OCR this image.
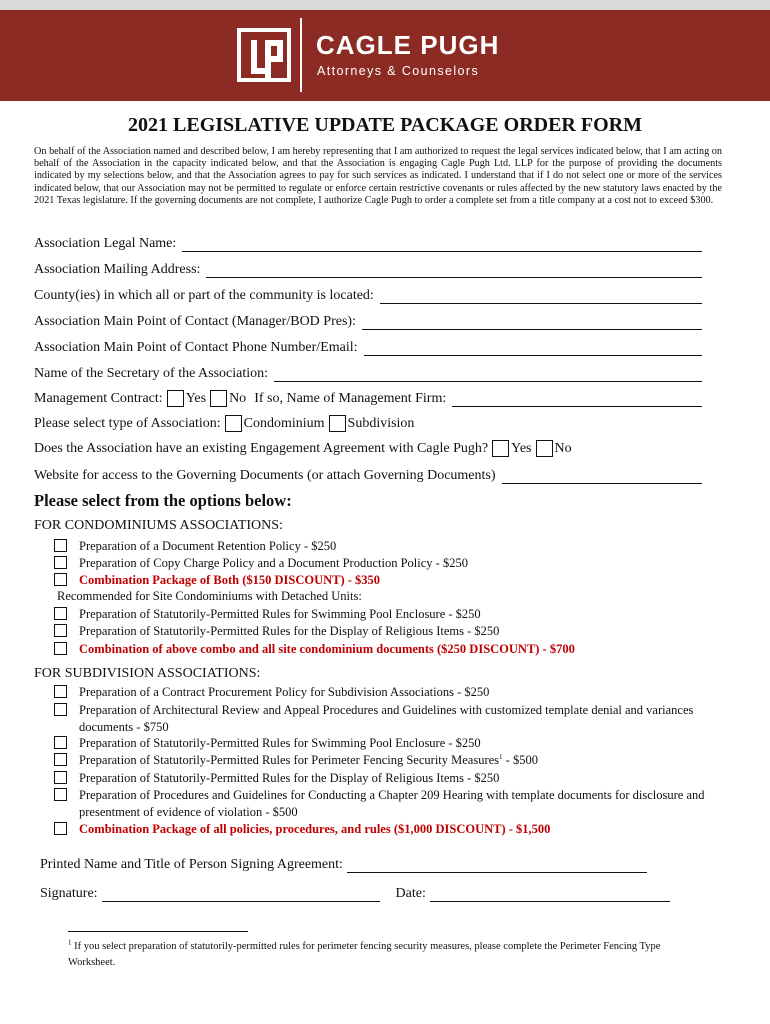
CAGLE PUGH
Attorneys & Counselors
2021 LEGISLATIVE UPDATE PACKAGE ORDER FORM
On behalf of the Association named and described below, I am hereby representing that I am authorized to request the legal services indicated below, that I am acting on behalf of the Association in the capacity indicated below, and that the Association is engaging Cagle Pugh Ltd. LLP for the purpose of providing the documents indicated by my selections below, and that the Association agrees to pay for such services as indicated. I understand that if I do not select one or more of the services indicated below, that our Association may not be permitted to regulate or enforce certain restrictive covenants or rules affected by the new statutory laws enacted by the 2021 Texas legislature. If the governing documents are not complete, I authorize Cagle Pugh to order a complete set from a title company at a cost not to exceed $300.
Association Legal Name:
Association Mailing Address:
County(ies) in which all or part of the community is located:
Association Main Point of Contact (Manager/BOD Pres):
Association Main Point of Contact Phone Number/Email:
Name of the Secretary of the Association:
Management Contract: Yes No If so, Name of Management Firm:
Please select type of Association: Condominium Subdivision
Does the Association have an existing Engagement Agreement with Cagle Pugh? Yes No
Website for access to the Governing Documents (or attach Governing Documents)
Please select from the options below:
FOR CONDOMINIUMS ASSOCIATIONS:
Preparation of a Document Retention Policy - $250
Preparation of Copy Charge Policy and a Document Production Policy - $250
Combination Package of Both ($150 DISCOUNT) - $350
Recommended for Site Condominiums with Detached Units:
Preparation of Statutorily-Permitted Rules for Swimming Pool Enclosure - $250
Preparation of Statutorily-Permitted Rules for the Display of Religious Items - $250
Combination of above combo and all site condominium documents ($250 DISCOUNT) - $700
FOR SUBDIVISION ASSOCIATIONS:
Preparation of a Contract Procurement Policy for Subdivision Associations - $250
Preparation of Architectural Review and Appeal Procedures and Guidelines with customized template denial and variances documents - $750
Preparation of Statutorily-Permitted Rules for Swimming Pool Enclosure - $250
Preparation of Statutorily-Permitted Rules for Perimeter Fencing Security Measures$^1$ - $500
Preparation of Statutorily-Permitted Rules for the Display of Religious Items - $250
Preparation of Procedures and Guidelines for Conducting a Chapter 209 Hearing with template documents for disclosure and presentment of evidence of violation - $500
Combination Package of all policies, procedures, and rules ($1,000 DISCOUNT) - $1,500
Printed Name and Title of Person Signing Agreement:
Signature:	Date:
$^1$ If you select preparation of statutorily-permitted rules for perimeter fencing security measures, please complete the Perimeter Fencing Type Worksheet.
